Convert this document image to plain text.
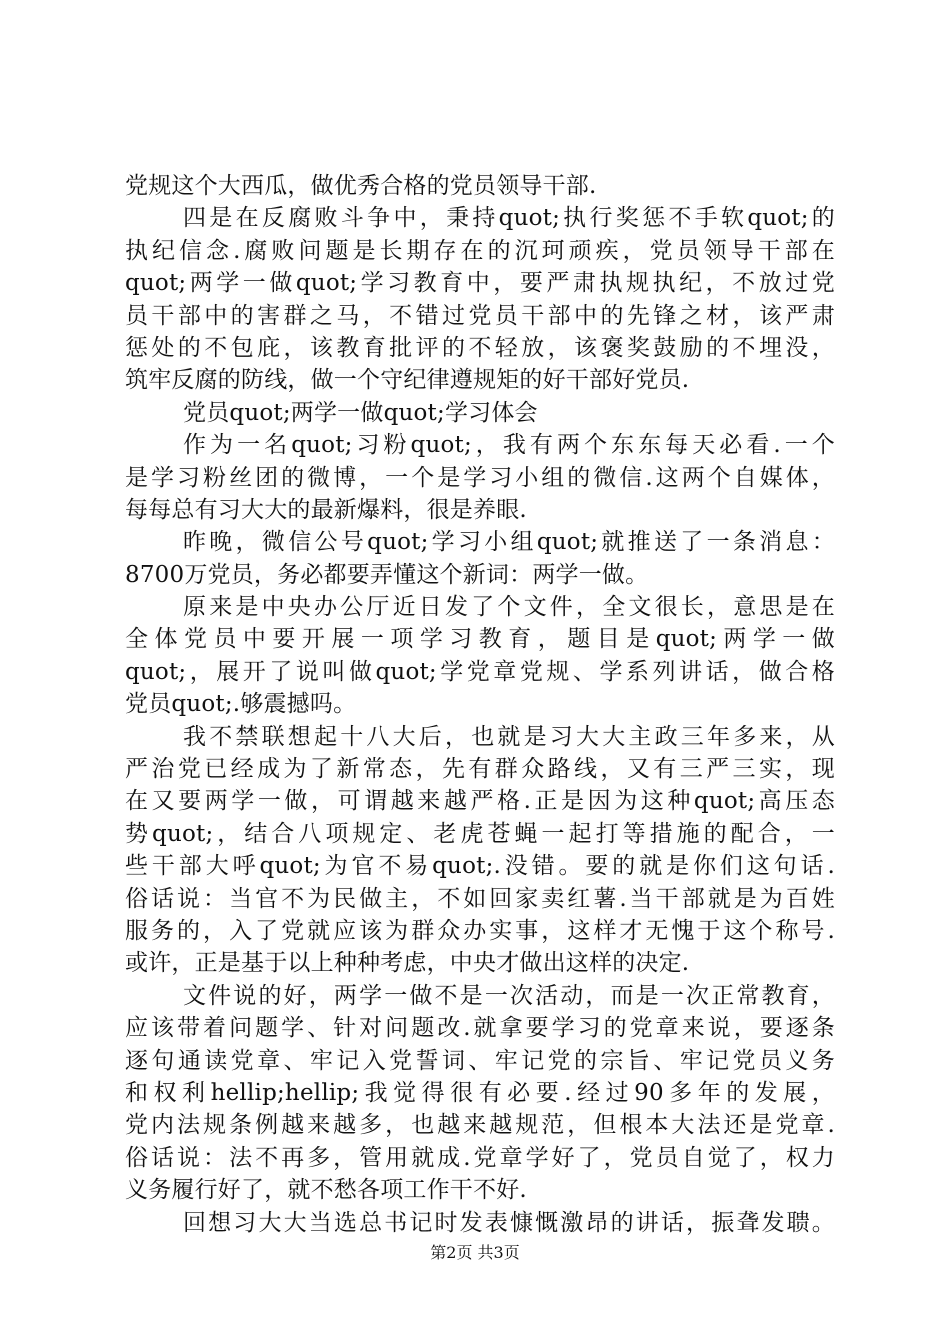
党规这个大西瓜，做优秀合格的党员领导干部.
四是在反腐败斗争中，秉持quot;执行奖惩不手软quot;的
执纪信念.腐败问题是长期存在的沉珂顽疾，党员领导干部在
quot;两学一做quot;学习教育中，要严肃执规执纪，不放过党
员干部中的害群之马，不错过党员干部中的先锋之材，该严肃
惩处的不包庇，该教育批评的不轻放，该褒奖鼓励的不埋没，
筑牢反腐的防线，做一个守纪律遵规矩的好干部好党员.
党员quot;两学一做quot;学习体会
作为一名quot;习粉quot;，我有两个东东每天必看.一个
是学习粉丝团的微博，一个是学习小组的微信.这两个自媒体，
每每总有习大大的最新爆料，很是养眼.
昨晚，微信公号quot;学习小组quot;就推送了一条消息：
8700万党员，务必都要弄懂这个新词：两学一做。
原来是中央办公厅近日发了个文件，全文很长，意思是在
全体党员中要开展一项学习教育，题目是quot;两学一做
quot;，展开了说叫做quot;学党章党规、学系列讲话，做合格
党员quot;.够震撼吗。
我不禁联想起十八大后，也就是习大大主政三年多来，从
严治党已经成为了新常态，先有群众路线，又有三严三实，现
在又要两学一做，可谓越来越严格.正是因为这种quot;高压态
势quot;，结合八项规定、老虎苍蝇一起打等措施的配合，一
些干部大呼quot;为官不易quot;.没错。要的就是你们这句话.
俗话说：当官不为民做主，不如回家卖红薯.当干部就是为百姓
服务的，入了党就应该为群众办实事，这样才无愧于这个称号.
或许，正是基于以上种种考虑，中央才做出这样的决定.
文件说的好，两学一做不是一次活动，而是一次正常教育，
应该带着问题学、针对问题改.就拿要学习的党章来说，要逐条
逐句通读党章、牢记入党誓词、牢记党的宗旨、牢记党员义务
和权利hellip;hellip;我觉得很有必要.经过90多年的发展，
党内法规条例越来越多，也越来越规范，但根本大法还是党章.
俗话说：法不再多，管用就成.党章学好了，党员自觉了，权力
义务履行好了，就不愁各项工作干不好.
回想习大大当选总书记时发表慷慨激昂的讲话，振聋发聩。
第2页 共3页
